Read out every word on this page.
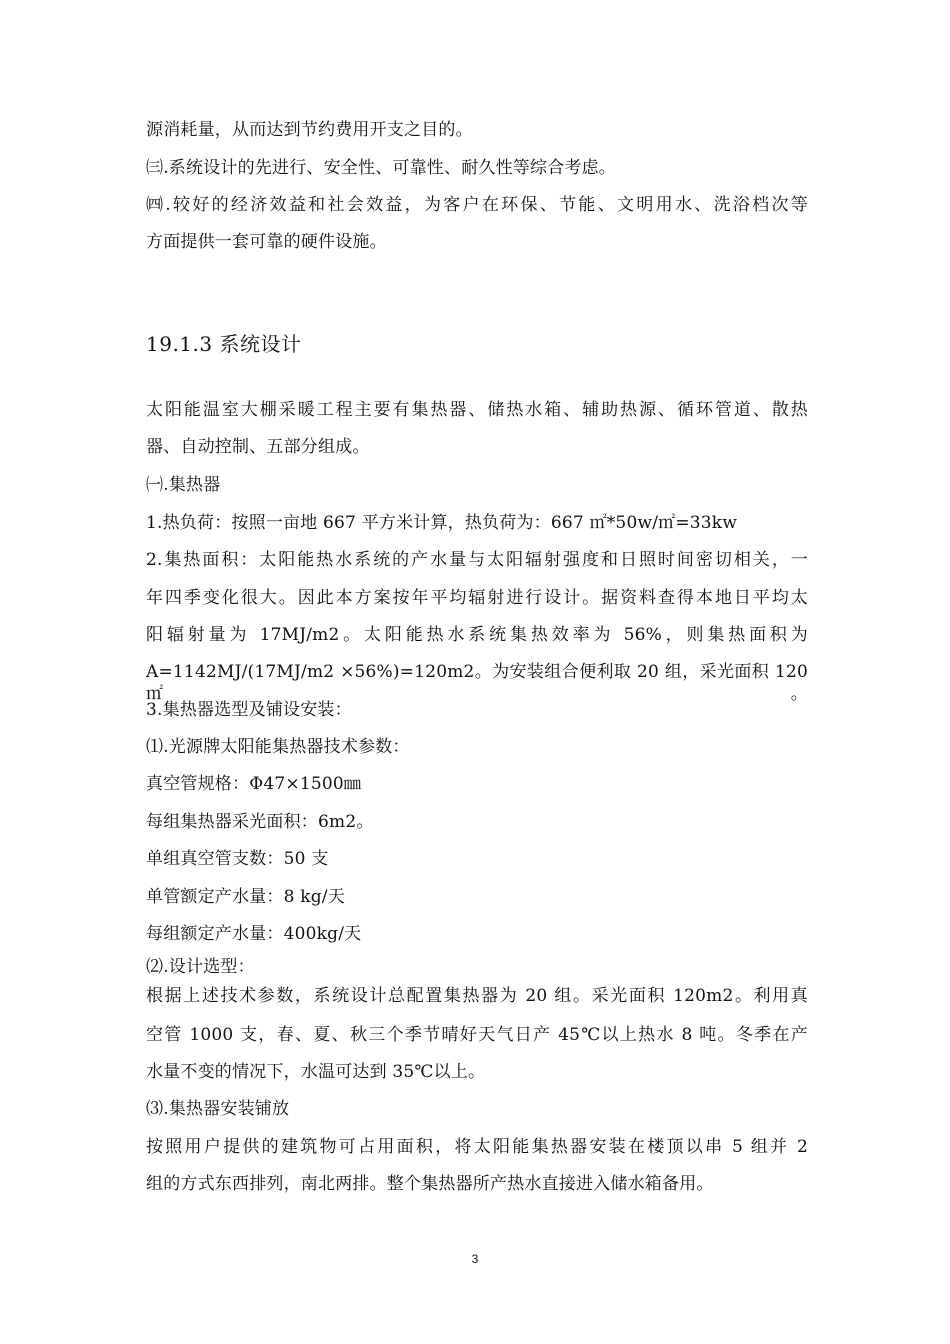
源消耗量，从而达到节约费用开支之目的。
㈢.系统设计的先进行、安全性、可靠性、耐久性等综合考虑。
㈣.较好的经济效益和社会效益，为客户在环保、节能、文明用水、洗浴档次等
方面提供一套可靠的硬件设施。
19.1.3 系统设计
太阳能温室大棚采暖工程主要有集热器、储热水箱、辅助热源、循环管道、散热
器、自动控制、五部分组成。
㈠.集热器
1.热负荷：按照一亩地 667 平方米计算，热负荷为：667 ㎡*50w/㎡=33kw
2.集热面积：太阳能热水系统的产水量与太阳辐射强度和日照时间密切相关，一
年四季变化很大。因此本方案按年平均辐射进行设计。据资料查得本地日平均太
阳辐射量为 17MJ/m2。太阳能热水系统集热效率为 56%，则集热面积为
A=1142MJ/(17MJ/m2 ×56%)=120m2。为安装组合便利取 20 组，采光面积 120 ㎡。
3.集热器选型及铺设安装：
⑴.光源牌太阳能集热器技术参数：
真空管规格：Φ47×1500㎜
每组集热器采光面积：6m2。
单组真空管支数：50 支
单管额定产水量：8 kg/天
每组额定产水量：400kg/天
⑵.设计选型：
根据上述技术参数，系统设计总配置集热器为 20 组。采光面积 120m2。利用真
空管 1000 支，春、夏、秋三个季节晴好天气日产 45℃以上热水 8 吨。冬季在产
水量不变的情况下，水温可达到 35℃以上。
⑶.集热器安装铺放
按照用户提供的建筑物可占用面积，将太阳能集热器安装在楼顶以串 5 组并 2
组的方式东西排列，南北两排。整个集热器所产热水直接进入储水箱备用。
3
